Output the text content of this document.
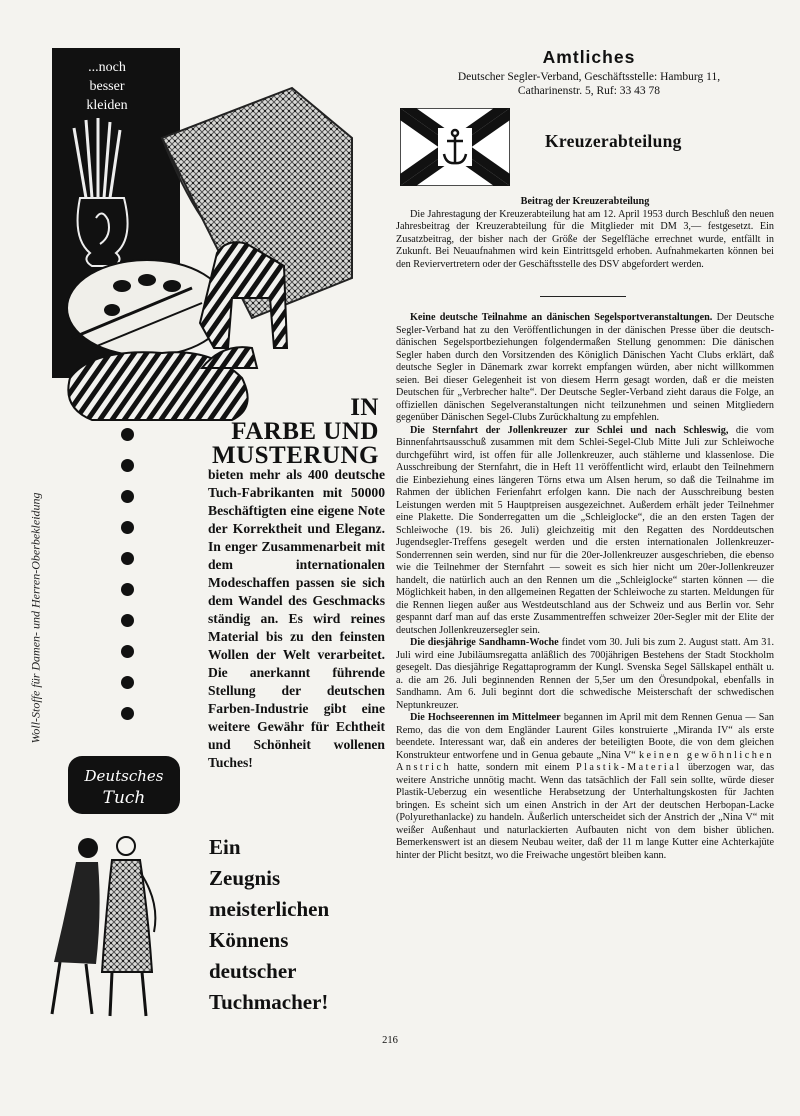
...noch
besser
kleiden
Woll-Stoffe für Damen- und Herren-Oberbekleidung
IN
FARBE UND
MUSTERUNG
bieten mehr als 400 deutsche Tuch-Fabrikanten mit 50000 Beschäftigten eine eigene Note der Korrektheit und Eleganz. In enger Zusammenarbeit mit dem internationalen Modeschaffen passen sie sich dem Wandel des Geschmacks ständig an. Es wird reines Material bis zu den feinsten Wollen der Welt verarbeitet. Die anerkannt führende Stellung der deutschen Farben-Industrie gibt eine weitere Gewähr für Echtheit und Schönheit wollenen Tuches!
Deutsches
Tuch
Ein
Zeugnis
meisterlichen
Könnens
deutscher
Tuchmacher!
Amtliches
Deutscher Segler-Verband, Geschäftsstelle: Hamburg 11,
Catharinenstr. 5, Ruf: 33 43 78
Kreuzerabteilung

Beitrag der Kreuzerabteilung

Die Jahrestagung der Kreuzerabteilung hat am 12. April 1953 durch Beschluß den neuen Jahresbeitrag der Kreuzerabteilung für die Mitglieder mit DM 3,— festgesetzt. Ein Zusatzbeitrag, der bisher nach der Größe der Segelfläche errechnet wurde, entfällt in Zukunft. Bei Neuaufnahmen wird kein Eintrittsgeld erhoben. Aufnahmekarten können bei den Reviervertretern oder der Geschäftsstelle des DSV abgefordert werden.

Keine deutsche Teilnahme an dänischen Segelsportveranstaltungen. Der Deutsche Segler-Verband hat zu den Veröffentlichungen in der dänischen Presse über die deutsch-dänischen Segelsportbeziehungen folgendermaßen Stellung genommen: Die dänischen Segler haben durch den Vorsitzenden des Königlich Dänischen Yacht Clubs erklärt, daß deutsche Segler in Dänemark zwar korrekt empfangen würden, aber nicht willkommen seien. Bei dieser Gelegenheit ist von diesem Herrn gesagt worden, daß er die meisten Deutschen für „Verbrecher halte“. Der Deutsche Segler-Verband zieht daraus die Folge, an offiziellen dänischen Segelveranstaltungen nicht teilzunehmen und seinen Mitgliedern gegenüber Dänischen Segel-Clubs Zurückhaltung zu empfehlen.

Die Sternfahrt der Jollenkreuzer zur Schlei und nach Schleswig, die vom Binnenfahrtsausschuß zusammen mit dem Schlei-Segel-Club Mitte Juli zur Schleiwoche durchgeführt wird, ist offen für alle Jollenkreuzer, auch stählerne und klassenlose. Die Ausschreibung der Sternfahrt, die in Heft 11 veröffentlicht wird, erlaubt den Teilnehmern die Einbeziehung eines längeren Törns etwa um Alsen herum, so daß die Teilnahme im Rahmen der üblichen Ferienfahrt erfolgen kann. Die nach der Ausschreibung besten Leistungen werden mit 5 Hauptpreisen ausgezeichnet. Außerdem erhält jeder Teilnehmer eine Plakette. Die Sonderregatten um die „Schleiglocke“, die an den ersten Tagen der Schleiwoche (19. bis 26. Juli) gleichzeitig mit den Regatten des Norddeutschen Jugendsegler-Treffens gesegelt werden und die ersten internationalen Jollenkreuzer-Sonderrennen sein werden, sind nur für die 20er-Jollenkreuzer ausgeschrieben, die ebenso wie die Teilnehmer der Sternfahrt — soweit es sich hier nicht um 20er-Jollenkreuzer handelt, die natürlich auch an den Rennen um die „Schleiglocke“ starten können — die Möglichkeit haben, in den allgemeinen Regatten der Schleiwoche zu starten. Meldungen für die Rennen liegen außer aus Westdeutschland aus der Schweiz und aus Berlin vor. Sehr gespannt darf man auf das erste Zusammentreffen schweizer 20er-Segler mit der Elite der deutschen Jollenkreuzersegler sein.

Die diesjährige Sandhamn-Woche findet vom 30. Juli bis zum 2. August statt. Am 31. Juli wird eine Jubiläumsregatta anläßlich des 700jährigen Bestehens der Stadt Stockholm gesegelt. Das diesjährige Regattaprogramm der Kungl. Svenska Segel Sällskapel enthält u. a. die am 26. Juli beginnenden Rennen der 5,5er um den Öresundpokal, ebenfalls in Sandhamn. Am 6. Juli beginnt dort die schwedische Meisterschaft der schwedischen Neptunkreuzer.

Die Hochseerennen im Mittelmeer begannen im April mit dem Rennen Genua — San Remo, das die von dem Engländer Laurent Giles konstruierte „Miranda IV“ als erste beendete. Interessant war, daß ein anderes der beteiligten Boote, die von dem gleichen Konstrukteur entworfene und in Genua gebaute „Nina V“ keinen gewöhnlichen Anstrich hatte, sondern mit einem Plastik-Material überzogen war, das weitere Anstriche unnötig macht. Wenn das tatsächlich der Fall sein sollte, würde dieser Plastik-Ueberzug ein wesentliche Herabsetzung der Unterhaltungskosten für Jachten bringen. Es scheint sich um einen Anstrich in der Art der deutschen Herbopan-Lacke (Polyurethanlacke) zu handeln. Äußerlich unterscheidet sich der Anstrich der „Nina V“ mit weißer Außenhaut und naturlackierten Aufbauten nicht von dem bisher üblichen. Bemerkenswert ist an diesem Neubau weiter, daß der 11 m lange Kutter eine Achterkajüte hinter der Plicht besitzt, wo die Freiwache ungestört bleiben kann.

216
